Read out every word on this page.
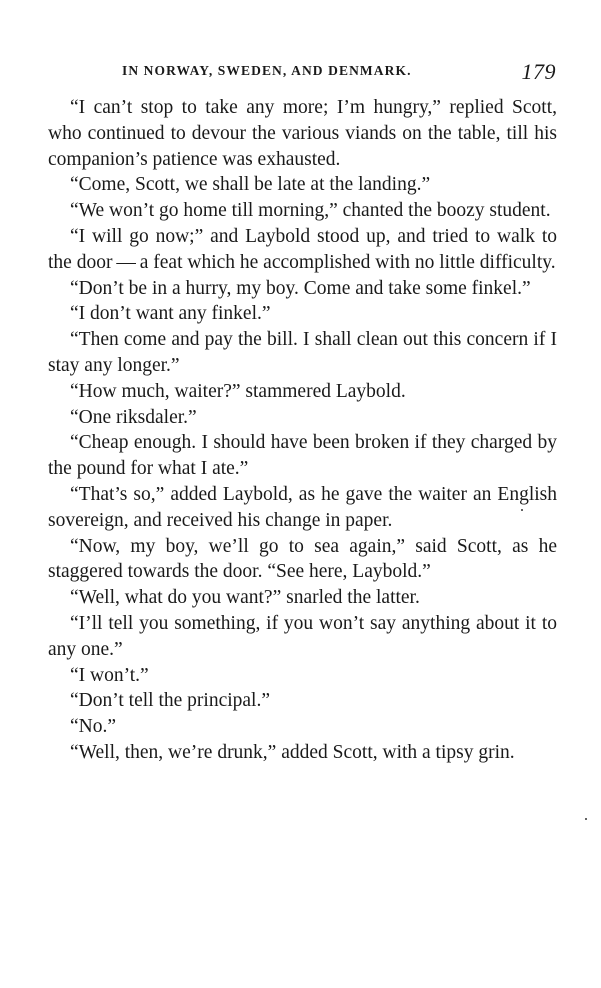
IN NORWAY, SWEDEN, AND DENMARK.	179

“I can’t stop to take any more; I’m hungry,” replied Scott, who continued to devour the various viands on the table, till his companion’s patience was exhausted.

“Come, Scott, we shall be late at the landing.”

“We won’t go home till morning,” chanted the boozy student.

“I will go now;” and Laybold stood up, and tried to walk to the door — a feat which he accomplished with no little difficulty.

“Don’t be in a hurry, my boy. Come and take some finkel.”

“I don’t want any finkel.”

“Then come and pay the bill. I shall clean out this concern if I stay any longer.”

“How much, waiter?” stammered Laybold.

“One riksdaler.”

“Cheap enough. I should have been broken if they charged by the pound for what I ate.”

“That’s so,” added Laybold, as he gave the waiter an English sovereign, and received his change in paper.

“Now, my boy, we’ll go to sea again,” said Scott, as he staggered towards the door. “See here, Laybold.”

“Well, what do you want?” snarled the latter.

“I’ll tell you something, if you won’t say anything about it to any one.”

“I won’t.”

“Don’t tell the principal.”

“No.”

“Well, then, we’re drunk,” added Scott, with a tipsy grin.
